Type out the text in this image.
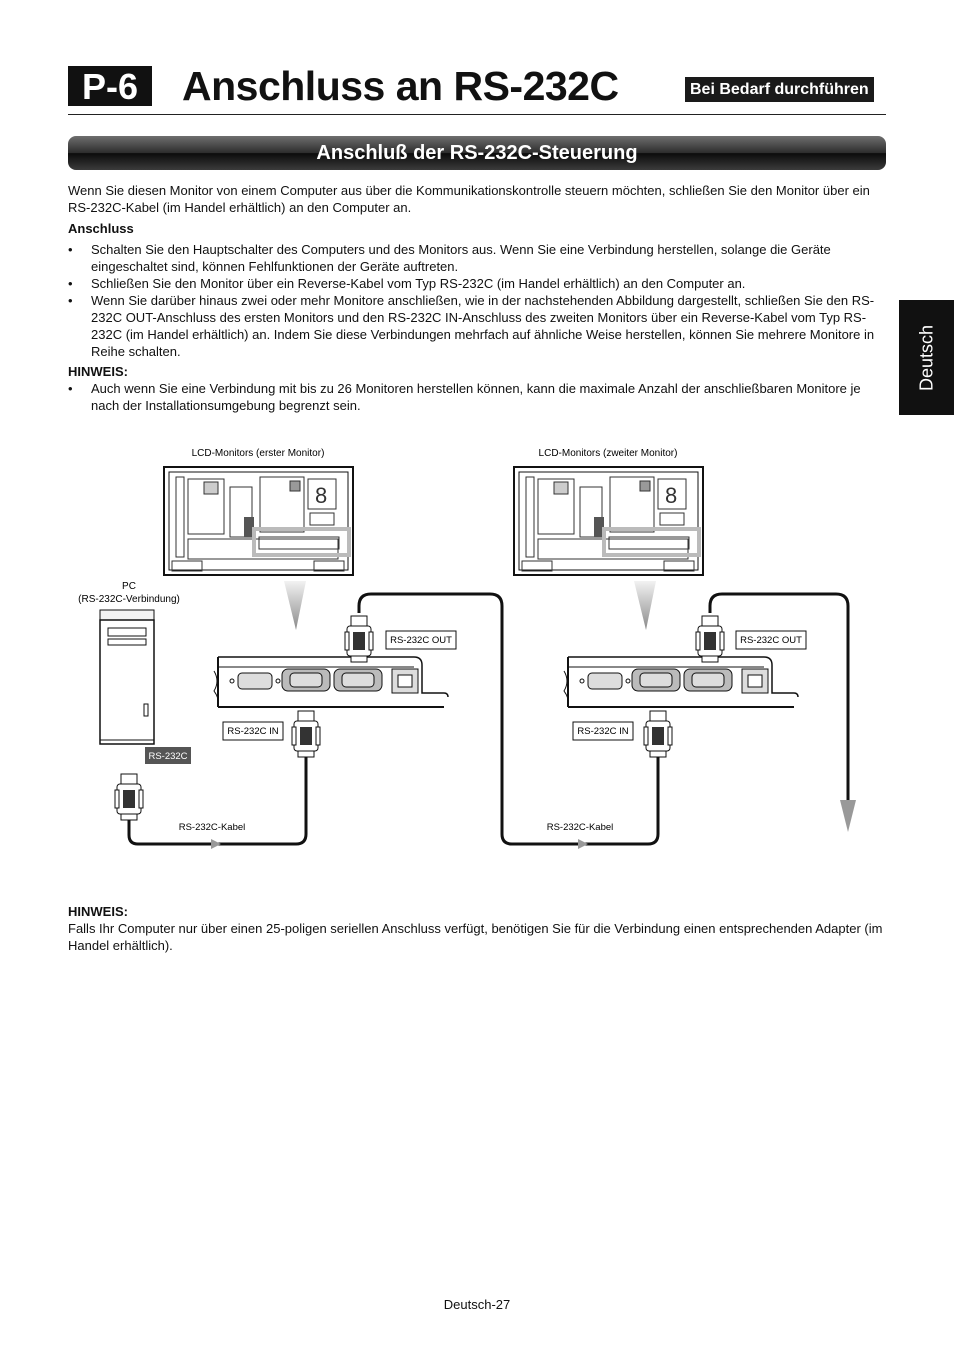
P-6	Anschluss an RS-232C	Bei Bedarf durchführen
Anschluß der RS-232C-Steuerung
Deutsch
Wenn Sie diesen Monitor von einem Computer aus über die Kommunikationskontrolle steuern möchten, schließen Sie den Monitor über ein RS-232C-Kabel (im Handel erhältlich) an den Computer an.
Anschluss
• Schalten Sie den Hauptschalter des Computers und des Monitors aus. Wenn Sie eine Verbindung herstellen, solange die Geräte eingeschaltet sind, können Fehlfunktionen der Geräte auftreten.
• Schließen Sie den Monitor über ein Reverse-Kabel vom Typ RS-232C (im Handel erhältlich) an den Computer an.
• Wenn Sie darüber hinaus zwei oder mehr Monitore anschließen, wie in der nachstehenden Abbildung dargestellt, schließen Sie den RS-232C OUT-Anschluss des ersten Monitors und den RS-232C IN-Anschluss des zweiten Monitors über ein Reverse-Kabel vom Typ RS-232C (im Handel erhältlich) an. Indem Sie diese Verbindungen mehrfach auf ähnliche Weise herstellen, können Sie mehrere Monitore in Reihe schalten.
HINWEIS:
• Auch wenn Sie eine Verbindung mit bis zu 26 Monitoren herstellen können, kann die maximale Anzahl der anschließbaren Monitore je nach der Installationsumgebung begrenzt sein.
8
LCD-Monitors (erster Monitor)	LCD-Monitors (zweiter Monitor)
PC
(RS-232C-Verbindung)
RS-232C
RS-232C-Kabel	RS-232C-Kabel
RS-232C OUT	RS-232C OUT
RS-232C IN	RS-232C IN
HINWEIS:
Falls Ihr Computer nur über einen 25-poligen seriellen Anschluss verfügt, benötigen Sie für die Verbindung einen entsprechenden Adapter (im Handel erhältlich).
Deutsch-27
